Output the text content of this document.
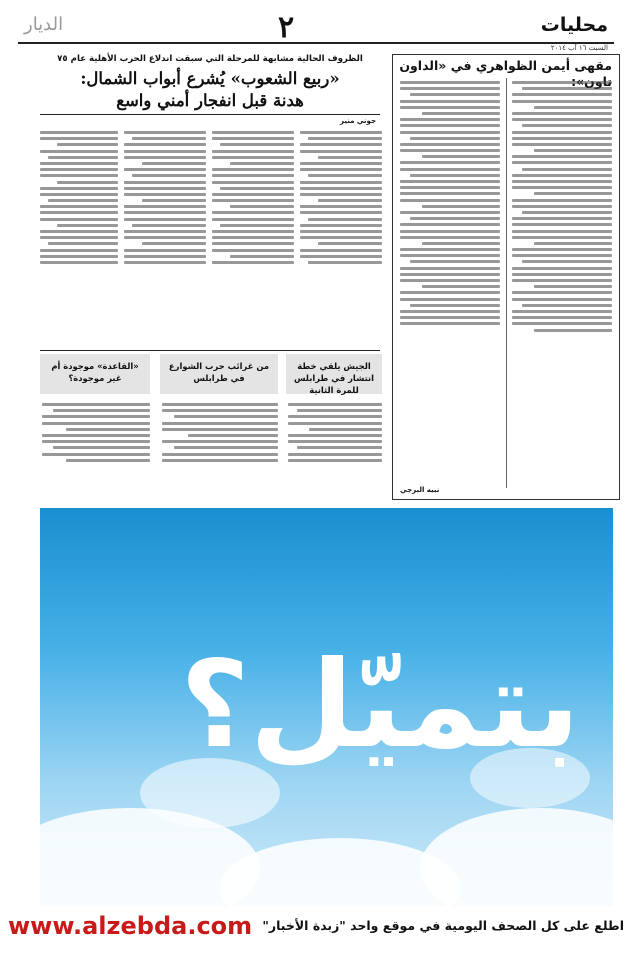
محليات
٢
الديار
السبت ١٦ آب ٢٠١٤
مقهى أيمن الظواهري في «الداون
نبيه البرجي
الظروف الحالية مشابهة للمرحلة التي سبقت اندلاع الحرب الأهلية عام ٧٥
«ربيع الشعوب» يُشرع أبواب الشمال:
هدنة قبل انفجار أمني واسع
جوني منير
الجيش يلقي خطة انتشار في طرابلس للمرة الثانية
من غرائب حرب الشوارع في طرابلس
«القاعدة» موجودة أم غير موجودة؟
بتميّل؟
www.alzebda.com اطلع على كل الصحف اليومية في موقع واحد "زبدة الأخبار"
